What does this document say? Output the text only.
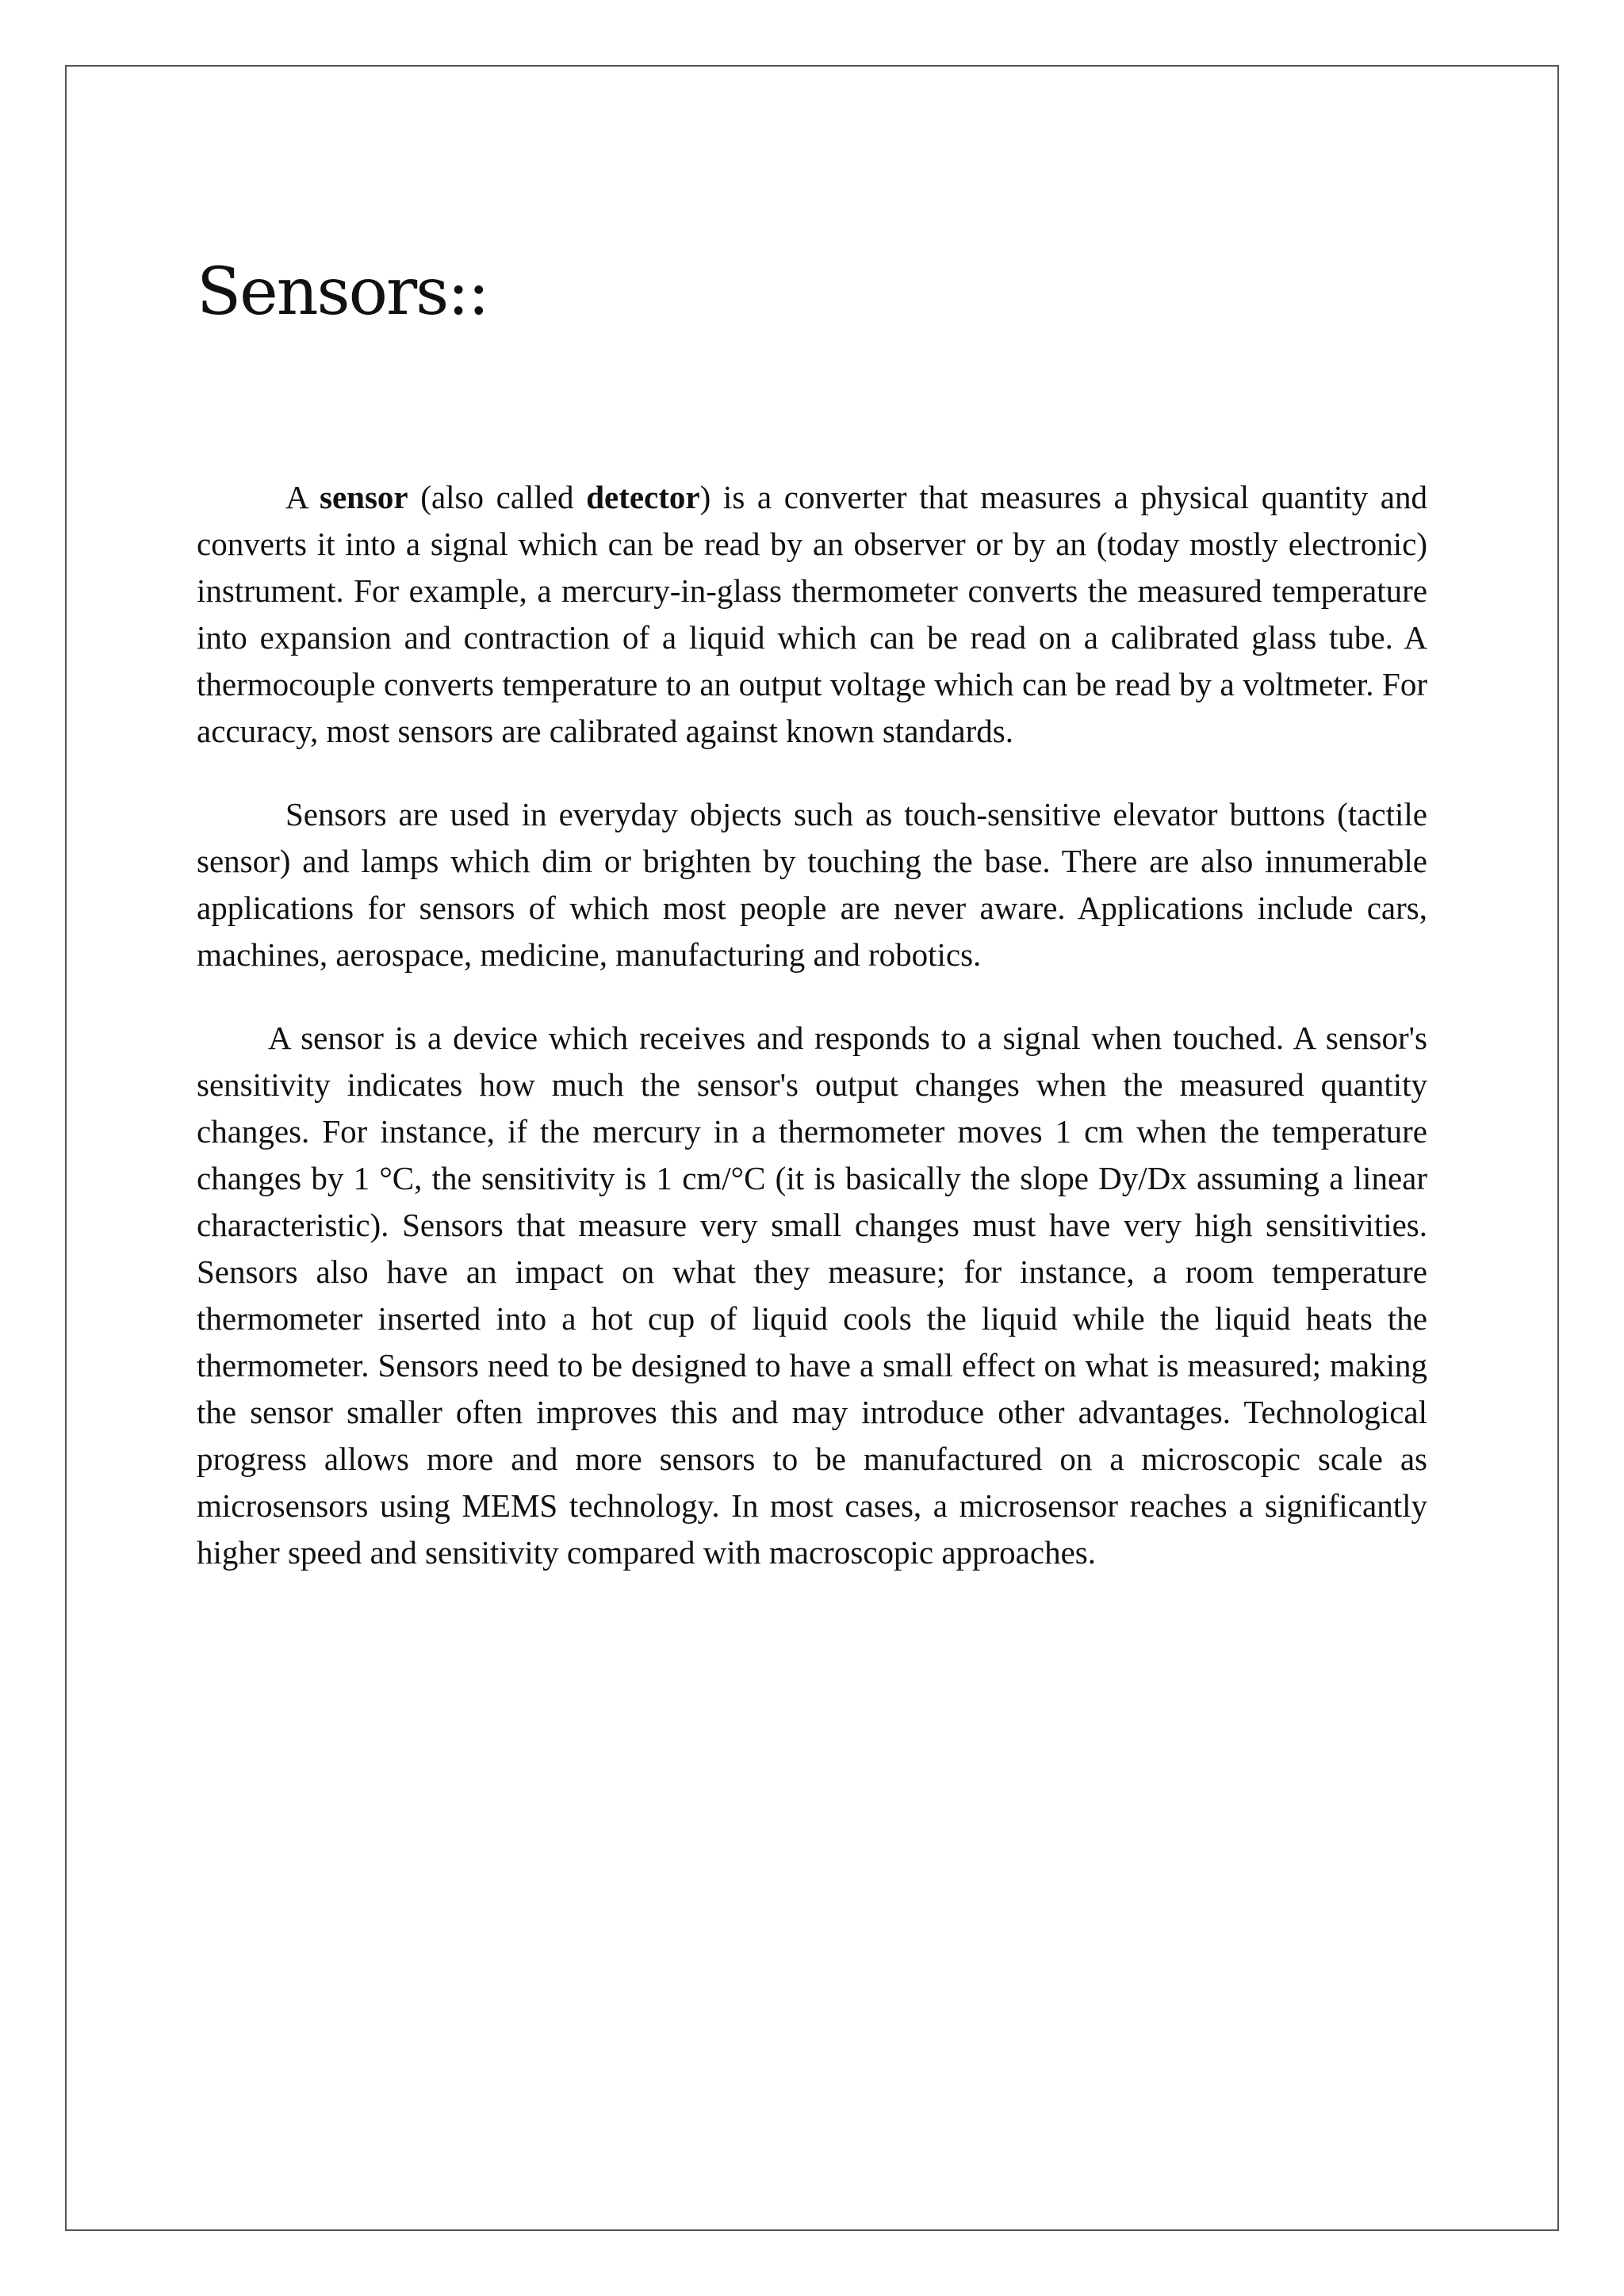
Sensors::

A sensor (also called detector) is a converter that measures a physical quantity and converts it into a signal which can be read by an observer or by an (today mostly electronic) instrument. For example, a mercury-in-glass thermometer converts the measured temperature into expansion and contraction of a liquid which can be read on a calibrated glass tube. A thermocouple converts temperature to an output voltage which can be read by a voltmeter. For accuracy, most sensors are calibrated against known standards.

Sensors are used in everyday objects such as touch-sensitive elevator buttons (tactile sensor) and lamps which dim or brighten by touching the base. There are also innumerable applications for sensors of which most people are never aware. Applications include cars, machines, aerospace, medicine, manufacturing and robotics.

A sensor is a device which receives and responds to a signal when touched. A sensor's sensitivity indicates how much the sensor's output changes when the measured quantity changes. For instance, if the mercury in a thermometer moves 1 cm when the temperature changes by 1 °C, the sensitivity is 1 cm/°C (it is basically the slope Dy/Dx assuming a linear characteristic). Sensors that measure very small changes must have very high sensitivities. Sensors also have an impact on what they measure; for instance, a room temperature thermometer inserted into a hot cup of liquid cools the liquid while the liquid heats the thermometer. Sensors need to be designed to have a small effect on what is measured; making the sensor smaller often improves this and may introduce other advantages. Technological progress allows more and more sensors to be manufactured on a microscopic scale as microsensors using MEMS technology. In most cases, a microsensor reaches a significantly higher speed and sensitivity compared with macroscopic approaches.
